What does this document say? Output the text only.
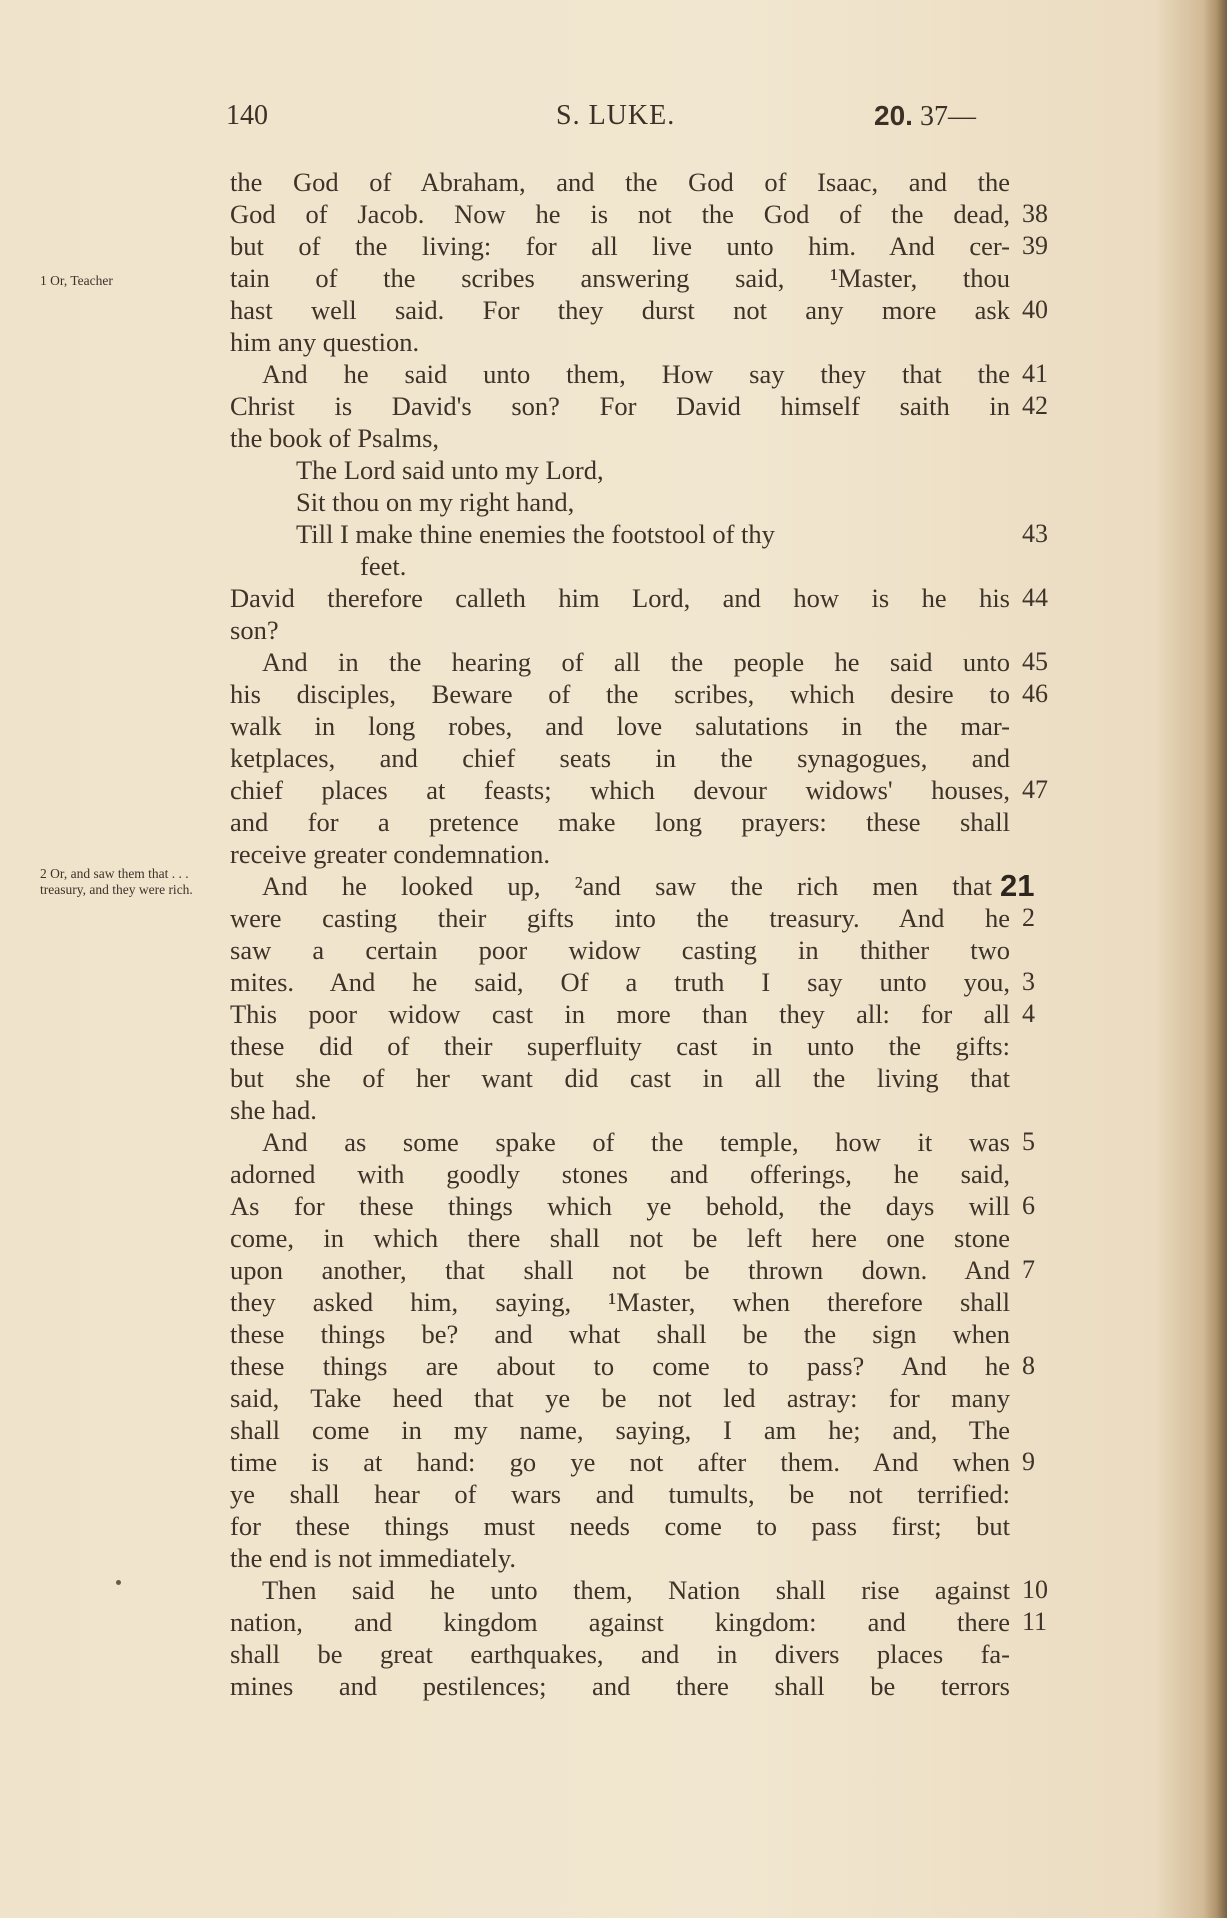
140	S. LUKE.	20. 37—
1 Or, Teacher
2 Or, and saw them that . . . treasury, and they were rich.	21
the God of Abraham, and the God of Isaac, and the
God of Jacob. Now he is not the God of the dead,
but of the living: for all live unto him. And cer-
tain of the scribes answering said, ¹Master, thou
hast well said. For they durst not any more ask
him any question.
And he said unto them, How say they that the
Christ is David's son? For David himself saith in
the book of Psalms,
The Lord said unto my Lord,
Sit thou on my right hand,
Till I make thine enemies the footstool of thy
feet.
David therefore calleth him Lord, and how is he his
son?
And in the hearing of all the people he said unto
his disciples, Beware of the scribes, which desire to
walk in long robes, and love salutations in the mar-
ketplaces, and chief seats in the synagogues, and
chief places at feasts; which devour widows' houses,
and for a pretence make long prayers: these shall
receive greater condemnation.
And he looked up, ²and saw the rich men that
were casting their gifts into the treasury. And he
saw a certain poor widow casting in thither two
mites. And he said, Of a truth I say unto you,
This poor widow cast in more than they all: for all
these did of their superfluity cast in unto the gifts:
but she of her want did cast in all the living that
she had.
And as some spake of the temple, how it was
adorned with goodly stones and offerings, he said,
As for these things which ye behold, the days will
come, in which there shall not be left here one stone
upon another, that shall not be thrown down. And
they asked him, saying, ¹Master, when therefore shall
these things be? and what shall be the sign when
these things are about to come to pass? And he
said, Take heed that ye be not led astray: for many
shall come in my name, saying, I am he; and, The
time is at hand: go ye not after them. And when
ye shall hear of wars and tumults, be not terrified:
for these things must needs come to pass first; but
the end is not immediately.
Then said he unto them, Nation shall rise against
nation, and kingdom against kingdom: and there
shall be great earthquakes, and in divers places fa-
mines and pestilences; and there shall be terrors
38
39
40
41
42
43
44
45
46
47
2
3
4
5
6
7
8
9
10
11
